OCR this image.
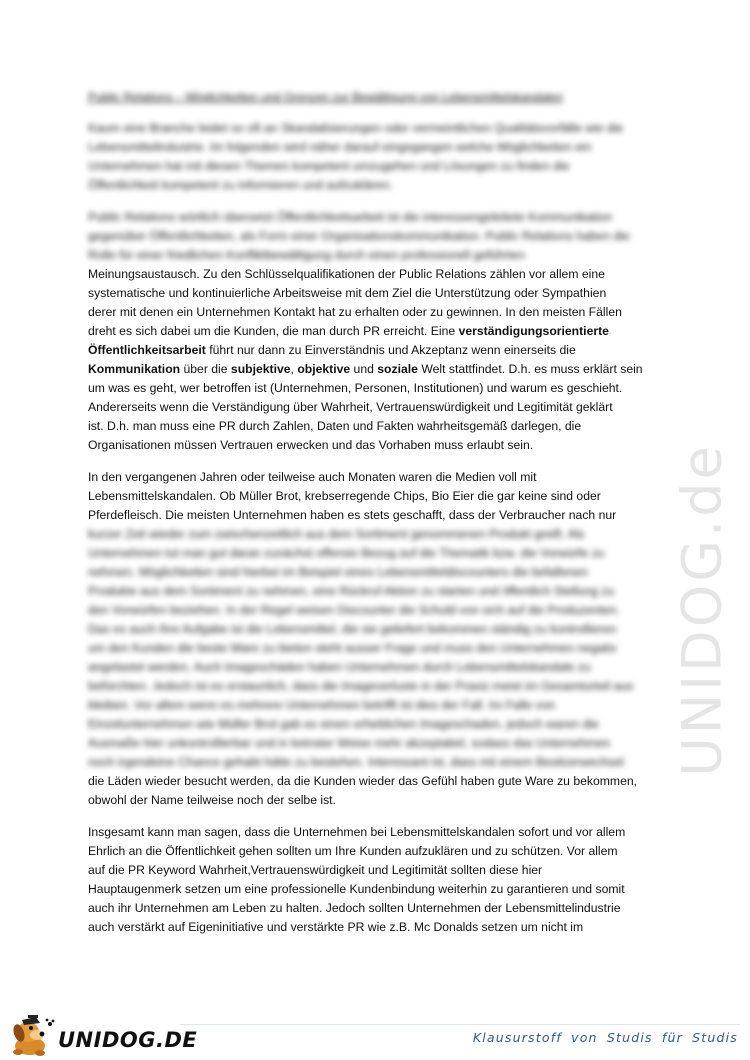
Public Relations – Möglichkeiten und Grenzen zur Bewältigung von Lebensmittelskandalen

Kaum eine Branche leidet so oft an Skandalisierungen oder vermeintlichen Qualitätsvorfälle wie die
Lebensmittelindustrie. Im folgenden wird näher darauf eingegangen welche Möglichkeiten ein
Unternehmen hat mit diesen Themen kompetent umzugehen und Lösungen zu finden die
Öffentlichkeit kompetent zu informieren und aufzuklären.
Public Relations wörtlich übersetzt Öffentlichkeitsarbeit ist die interessengeleitete Kommunikation
gegenüber Öffentlichkeiten, als Form einer Organisationskommunikation. Public Relations haben die
Rolle für einer friedlichen Konfliktbewältigung durch einen professionell geführten
Meinungsaustausch. Zu den Schlüsselqualifikationen der Public Relations zählen vor allem eine
systematische und kontinuierliche Arbeitsweise mit dem Ziel die Unterstützung oder Sympathien
derer mit denen ein Unternehmen Kontakt hat zu erhalten oder zu gewinnen. In den meisten Fällen
dreht es sich dabei um die Kunden, die man durch PR erreicht. Eine verständigungsorientierte
Öffentlichkeitsarbeit führt nur dann zu Einverständnis und Akzeptanz wenn einerseits die
Kommunikation über die subjektive, objektive und soziale Welt stattfindet. D.h. es muss erklärt sein
um was es geht, wer betroffen ist (Unternehmen, Personen, Institutionen) und warum es geschieht.
Andererseits wenn die Verständigung über Wahrheit, Vertrauenswürdigkeit und Legitimität geklärt
ist. D.h. man muss eine PR durch Zahlen, Daten und Fakten wahrheitsgemäß darlegen, die
Organisationen müssen Vertrauen erwecken und das Vorhaben muss erlaubt sein.
In den vergangenen Jahren oder teilweise auch Monaten waren die Medien voll mit
Lebensmittelskandalen. Ob Müller Brot, krebserregende Chips, Bio Eier die gar keine sind oder
Pferdefleisch. Die meisten Unternehmen haben es stets geschafft, dass der Verbraucher nach nur
kurzer Zeit wieder zum zwischenzeitlich aus dem Sortiment genommenen Produkt greift. Als
Unternehmen tut man gut daran zunächst offensiv Bezug auf die Thematik bzw. die Vorwürfe zu
nehmen. Möglichkeiten sind hierbei im Beispiel eines Lebensmitteldiscounters die befallenen
Produkte aus dem Sortiment zu nehmen, eine Rückruf Aktion zu starten und öffentlich Stellung zu
den Vorwürfen beziehen. In der Regel weisen Discounter die Schuld von sich auf die Produzenten.
Das es auch ihre Aufgabe ist die Lebensmittel, die sie geliefert bekommen ständig zu kontrollieren
um den Kunden die beste Ware zu bieten steht ausser Frage und muss den Unternehmen negativ
angelastet werden. Auch Imageschäden haben Unternehmen durch Lebensmittelskandale zu
befürchten. Jedoch ist es erstaunlich, dass die Imageverluste in der Praxis meist im Gesamturteil aus
bleiben. Vor allem wenn es mehrere Unternehmen betrifft ist dies der Fall. Im Falle von
Einzelunternehmen wie Müller Brot gab es einen erheblichen Imageschaden, jedoch waren die
Ausmaße hier unkontrollierbar und in keinster Weise mehr akzeptabel, sodass das Unternehmen
noch irgendeine Chance gehabt hätte zu bestehen. Interessant ist, dass mit einem Besitzerwechsel
die Läden wieder besucht werden, da die Kunden wieder das Gefühl haben gute Ware zu bekommen,
obwohl der Name teilweise noch der selbe ist.
Insgesamt kann man sagen, dass die Unternehmen bei Lebensmittelskandalen sofort und vor allem
Ehrlich an die Öffentlichkeit gehen sollten um Ihre Kunden aufzuklären und zu schützen. Vor allem
auf die PR Keyword Wahrheit,Vertrauenswürdigkeit und Legitimität sollten diese hier
Hauptaugenmerk setzen um eine professionelle Kundenbindung weiterhin zu garantieren und somit
auch ihr Unternehmen am Leben zu halten. Jedoch sollten Unternehmen der Lebensmittelindustrie
auch verstärkt auf Eigeninitiative und verstärkte PR wie z.B. Mc Donalds setzen um nicht im
UNIDOG.de
UNIDOG.DE	Klausurstoff von Studis für Studis
